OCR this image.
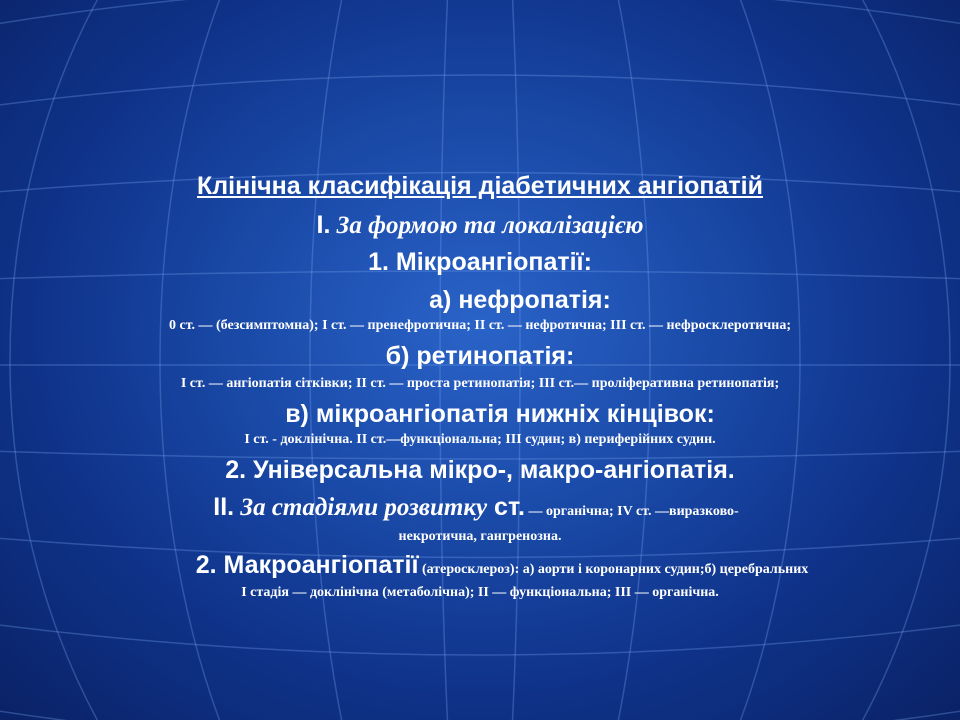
Клінічна класифікація діабетичних ангіопатій
I. За формою та локалізацією
1. Мікроангіопатії:
а) нефропатія:
0 ст. — (безсимптомна); I ст. — пренефротична; II ст. — нефротична; III ст. — нефросклеротична;
б) ретинопатія:
I ст. — ангіопатія сітківки; II ст. — проста ретинопатія; III ст.— проліферативна ретинопатія;
в) мікроангіопатія нижніх кінцівок:
I ст. - доклінічна. II ст.—функціональна; III судин; в) периферійних судин.
2. Універсальна мікро-, макро-ангіопатія.
II. За стадіями розвитку ст. — органічна; IV ст. —виразково-
некротична, гангренозна.
2. Макроангіопатії (атеросклероз): а) аорти і коронарних судин;б) церебральних
I стадія — доклінічна (метаболічна); II — функціональна; III — органічна.
